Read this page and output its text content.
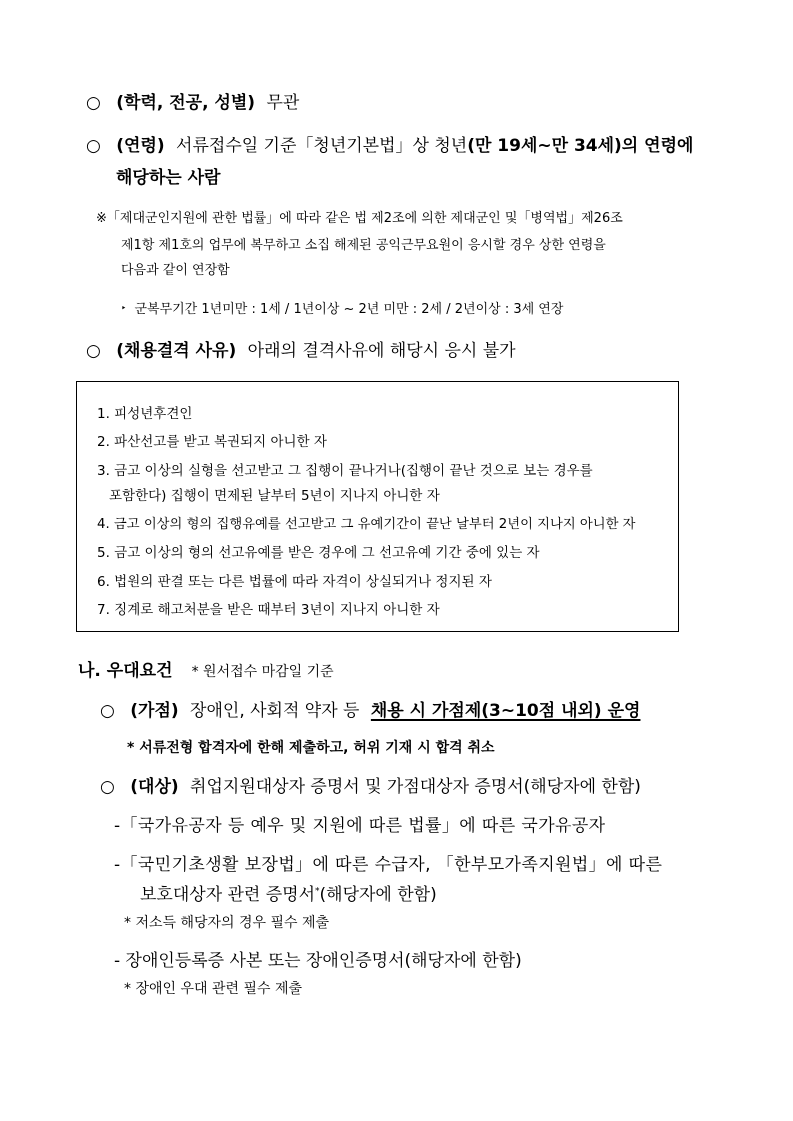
○ (학력, 전공, 성별) 무관
○ (연령) 서류접수일 기준「청년기본법」상 청년(만 19세~만 34세)의 연령에
해당하는 사람
※「제대군인지원에 관한 법률」에 따라 같은 법 제2조에 의한 제대군인 및「병역법」제26조
제1항 제1호의 업무에 복무하고 소집 해제된 공익근무요원이 응시할 경우 상한 연령을
다음과 같이 연장함
‣ 군복무기간 1년미만 : 1세 / 1년이상 ~ 2년 미만 : 2세 / 2년이상 : 3세 연장
○ (채용결격 사유) 아래의 결격사유에 해당시 응시 불가
1. 피성년후견인
2. 파산선고를 받고 복권되지 아니한 자
3. 금고 이상의 실형을 선고받고 그 집행이 끝나거나(집행이 끝난 것으로 보는 경우를
포함한다) 집행이 면제된 날부터 5년이 지나지 아니한 자
4. 금고 이상의 형의 집행유예를 선고받고 그 유예기간이 끝난 날부터 2년이 지나지 아니한 자
5. 금고 이상의 형의 선고유예를 받은 경우에 그 선고유예 기간 중에 있는 자
6. 법원의 판결 또는 다른 법률에 따라 자격이 상실되거나 정지된 자
7. 징계로 해고처분을 받은 때부터 3년이 지나지 아니한 자
나. 우대요건 * 원서접수 마감일 기준
○ (가점) 장애인, 사회적 약자 등 채용 시 가점제(3~10점 내외) 운영
* 서류전형 합격자에 한해 제출하고, 허위 기재 시 합격 취소
○ (대상) 취업지원대상자 증명서 및 가점대상자 증명서(해당자에 한함)
-「국가유공자 등 예우 및 지원에 따른 법률」에 따른 국가유공자
-「국민기초생활 보장법」에 따른 수급자, 「한부모가족지원법」에 따른
보호대상자 관련 증명서*(해당자에 한함)
* 저소득 해당자의 경우 필수 제출
- 장애인등록증 사본 또는 장애인증명서(해당자에 한함)
* 장애인 우대 관련 필수 제출
